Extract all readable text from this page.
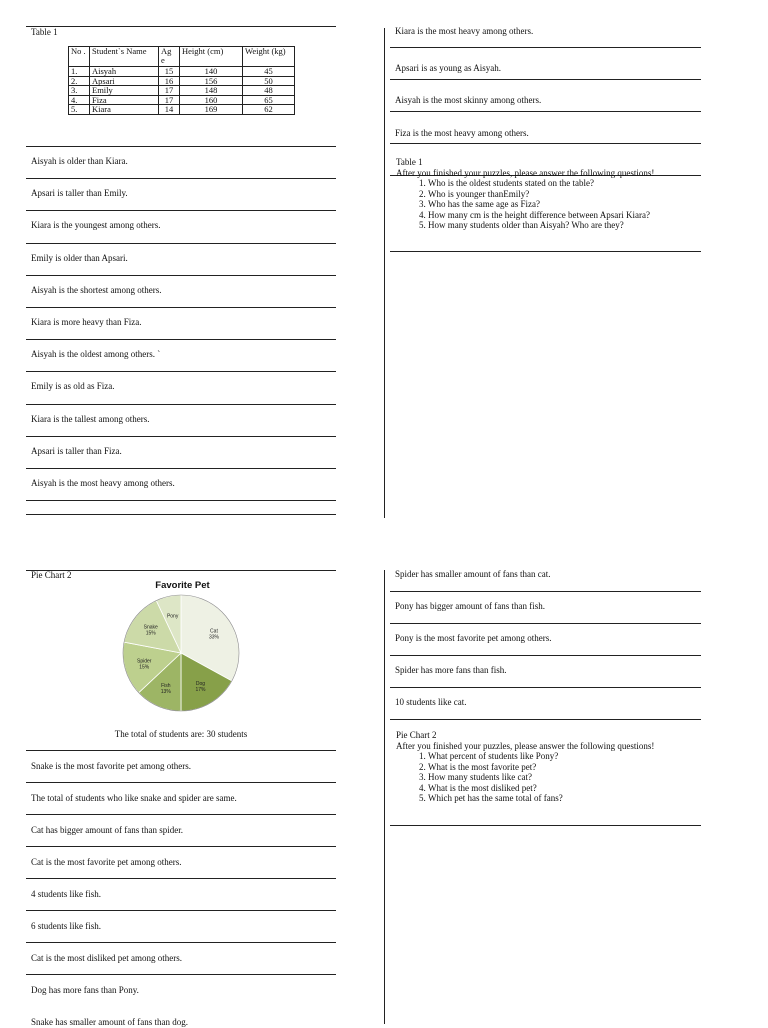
Table 1
No .	Student`s Name	Ag e	Height (cm)	Weight (kg)
1.	Aisyah	15	140	45
2.	Apsari	16	156	50
3.	Emily	17	148	48
4.	Fiza	17	160	65
5.	Kiara	14	169	62
Aisyah is older than Kiara.
Apsari is taller than Emily.
Kiara is the youngest among others.
Emily is older than Apsari.
Aisyah is the shortest among others.
Kiara is more heavy than Fiza.
Aisyah is the oldest among others. `
Emily is as old as Fiza.
Kiara is the tallest among others.
Apsari is taller than Fiza.
Aisyah is the most heavy among others.
Kiara is the most heavy among others.
Apsari is as young as Aisyah.
Aisyah is the most skinny among others.
Fiza is the most heavy among others.
Table 1
After you finished your puzzles, please answer the following questions!
1. Who is the oldest students stated on the table?
2. Who is younger thanEmily?
3. Who has the same age as Fiza?
4. How many cm is the height difference between Apsari Kiara?
5. How many students older than Aisyah? Who are they?
Pie Chart 2
Favorite Pet
Cat
33%
Dog
17%
Fish
13%
Spider
15%
Snake
15%
Pony
The total of students are: 30 students
Snake is the most favorite pet among others.
The total of students who like snake and spider are same.
Cat has bigger amount of fans than spider.
Cat is the most favorite pet among others.
4 students like fish.
6 students like fish.
Cat is the most disliked pet among others.
Dog has more fans than Pony.
Snake has smaller amount of fans than dog.
Spider has smaller amount of fans than cat.
Pony has bigger amount of fans than fish.
Pony is the most favorite pet among others.
Spider has more fans than fish.
10 students like cat.
Pie Chart 2
After you finished your puzzles, please answer the following questions!
1. What percent of students like Pony?
2. What is the most favorite pet?
3. How many students like cat?
4. What is the most disliked pet?
5. Which pet has the same total of fans?
